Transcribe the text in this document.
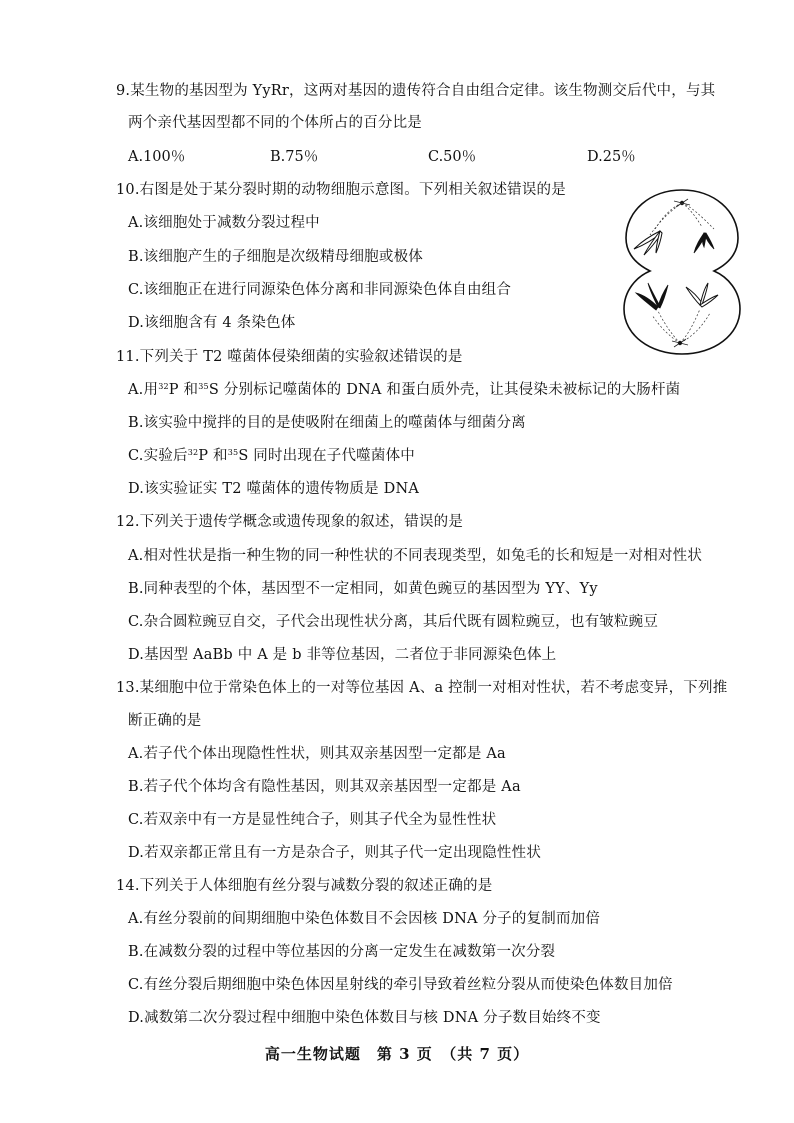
9.某生物的基因型为 YyRr，这两对基因的遗传符合自由组合定律。该生物测交后代中，与其
两个亲代基因型都不同的个体所占的百分比是
A.100％	B.75％	C.50％	D.25％
10.右图是处于某分裂时期的动物细胞示意图。下列相关叙述错误的是
A.该细胞处于减数分裂过程中
B.该细胞产生的子细胞是次级精母细胞或极体
C.该细胞正在进行同源染色体分离和非同源染色体自由组合
D.该细胞含有 4 条染色体
11.下列关于 T2 噬菌体侵染细菌的实验叙述错误的是
A.用$^{32}$P 和$^{35}$S 分别标记噬菌体的 DNA 和蛋白质外壳，让其侵染未被标记的大肠杆菌
B.该实验中搅拌的目的是使吸附在细菌上的噬菌体与细菌分离
C.实验后$^{32}$P 和$^{35}$S 同时出现在子代噬菌体中
D.该实验证实 T2 噬菌体的遗传物质是 DNA
12.下列关于遗传学概念或遗传现象的叙述，错误的是
A.相对性状是指一种生物的同一种性状的不同表现类型，如兔毛的长和短是一对相对性状
B.同种表型的个体，基因型不一定相同，如黄色豌豆的基因型为 YY、Yy
C.杂合圆粒豌豆自交，子代会出现性状分离，其后代既有圆粒豌豆，也有皱粒豌豆
D.基因型 AaBb 中 A 是 b 非等位基因，二者位于非同源染色体上
13.某细胞中位于常染色体上的一对等位基因 A、a 控制一对相对性状，若不考虑变异，下列推
断正确的是
A.若子代个体出现隐性性状，则其双亲基因型一定都是 Aa
B.若子代个体均含有隐性基因，则其双亲基因型一定都是 Aa
C.若双亲中有一方是显性纯合子，则其子代全为显性性状
D.若双亲都正常且有一方是杂合子，则其子代一定出现隐性性状
14.下列关于人体细胞有丝分裂与减数分裂的叙述正确的是
A.有丝分裂前的间期细胞中染色体数目不会因核 DNA 分子的复制而加倍
B.在减数分裂的过程中等位基因的分离一定发生在减数第一次分裂
C.有丝分裂后期细胞中染色体因星射线的牵引导致着丝粒分裂从而使染色体数目加倍
D.减数第二次分裂过程中细胞中染色体数目与核 DNA 分子数目始终不变
高一生物试题　第 3 页　（共 7 页）
